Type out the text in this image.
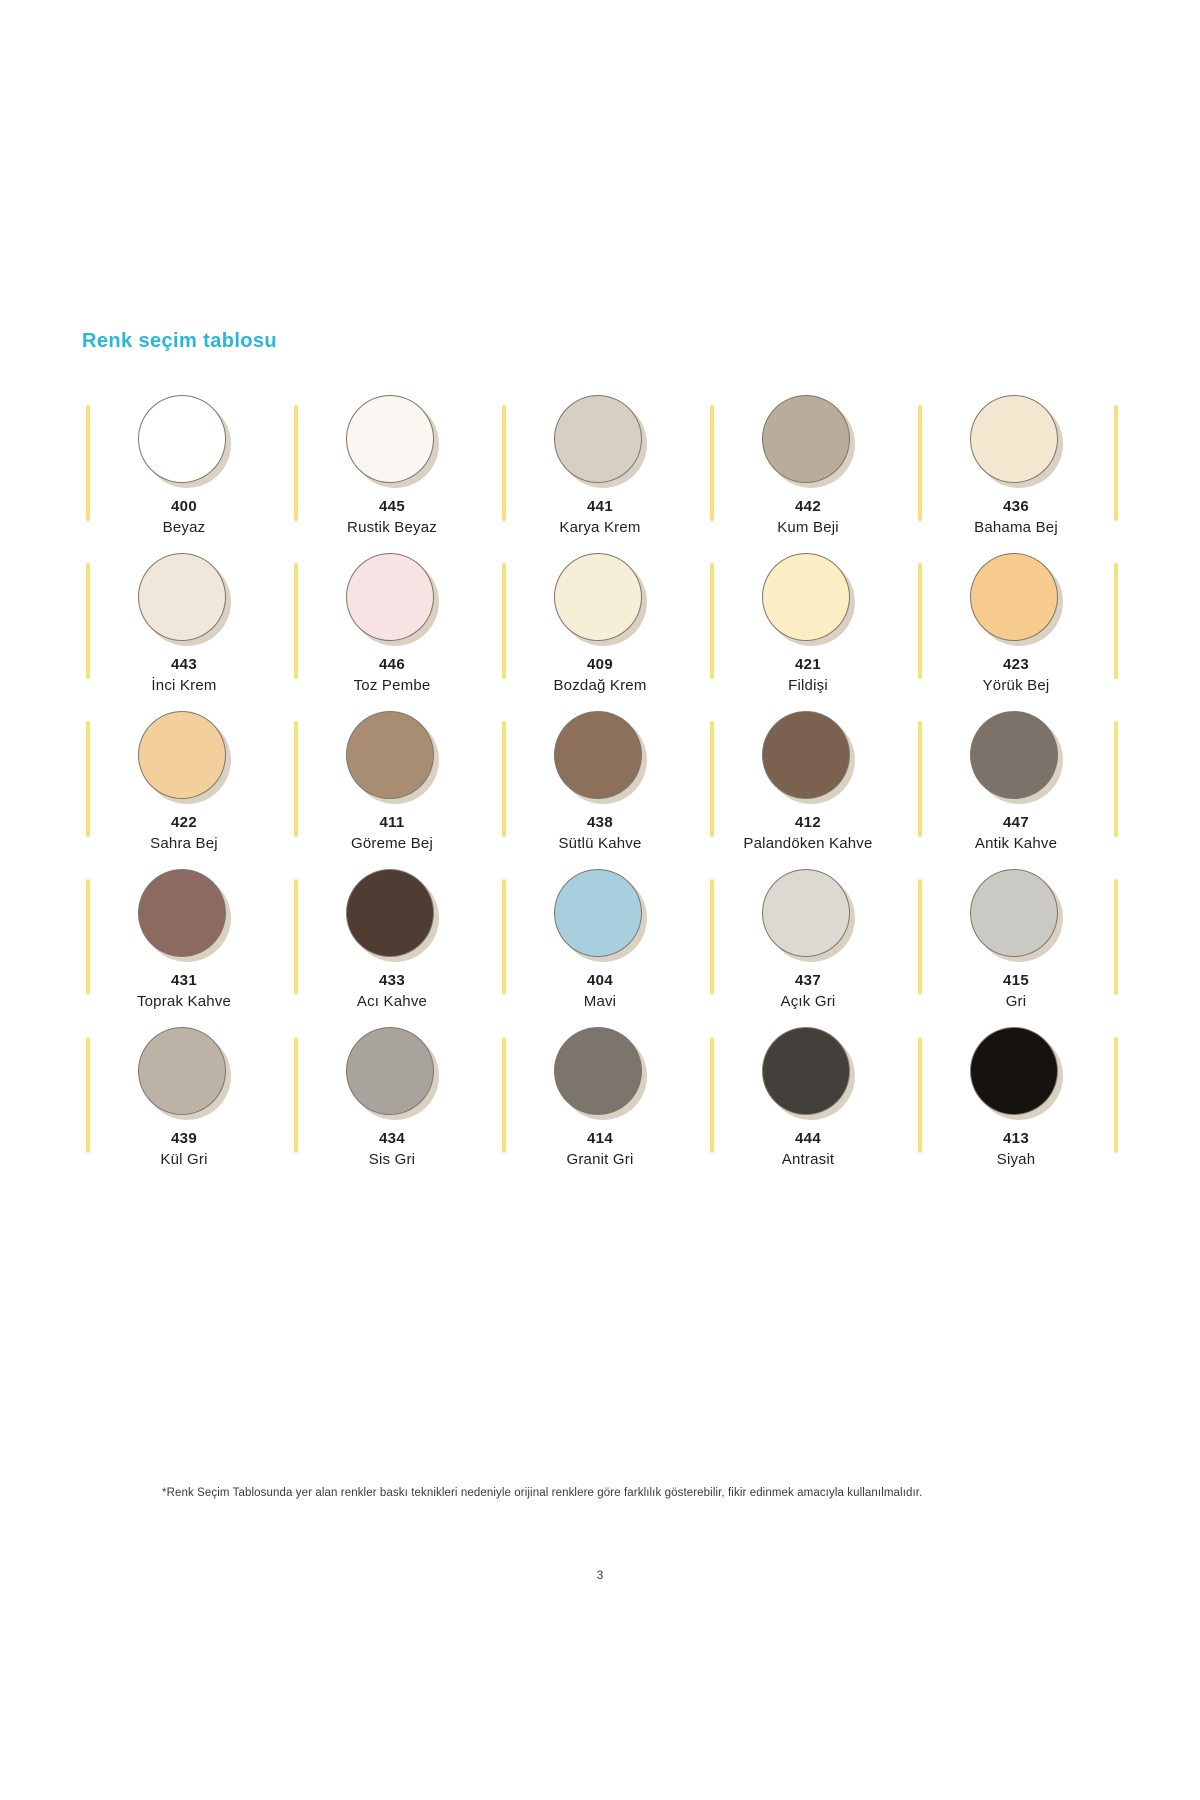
Renk seçim tablosu
400
Beyaz
445
Rustik Beyaz
441
Karya Krem
442
Kum Beji
436
Bahama Bej
443
İnci Krem
446
Toz Pembe
409
Bozdağ Krem
421
Fildişi
423
Yörük Bej
422
Sahra Bej
411
Göreme Bej
438
Sütlü Kahve
412
Palandöken Kahve
447
Antik Kahve
431
Toprak Kahve
433
Acı Kahve
404
Mavi
437
Açık Gri
415
Gri
439
Kül Gri
434
Sis Gri
414
Granit Gri
444
Antrasit
413
Siyah
*Renk Seçim Tablosunda yer alan renkler baskı teknikleri nedeniyle orijinal renklere göre farklılık gösterebilir, fikir edinmek amacıyla kullanılmalıdır.
3
